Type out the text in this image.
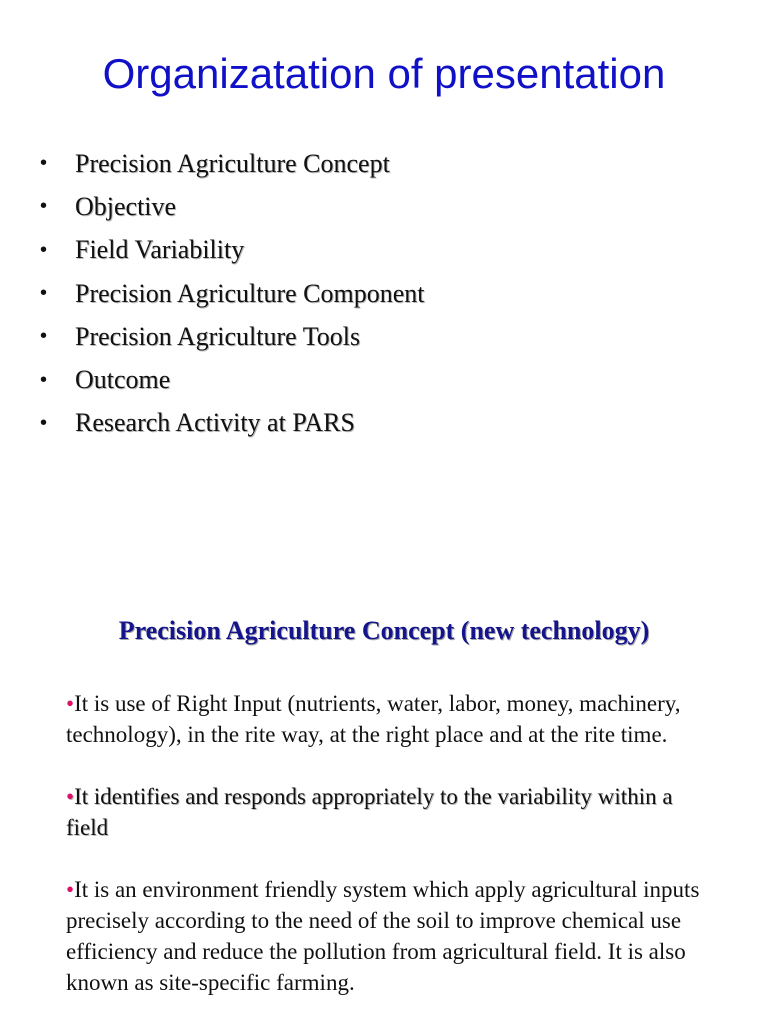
Organizatation of presentation
•	Precision Agriculture Concept
•	Objective
•	Field Variability
•	Precision Agriculture Component
•	Precision Agriculture Tools
•	Outcome
•	Research Activity at PARS
Precision Agriculture Concept (new technology)

•It is use of Right Input (nutrients, water, labor, money, machinery, technology), in the rite way, at the right place and at the rite time.

•It identifies and responds appropriately to the variability within a field

•It is an environment friendly system which apply agricultural inputs precisely according to the need of the soil to improve chemical use efficiency and reduce the pollution from agricultural field. It is also known as site-specific farming.
